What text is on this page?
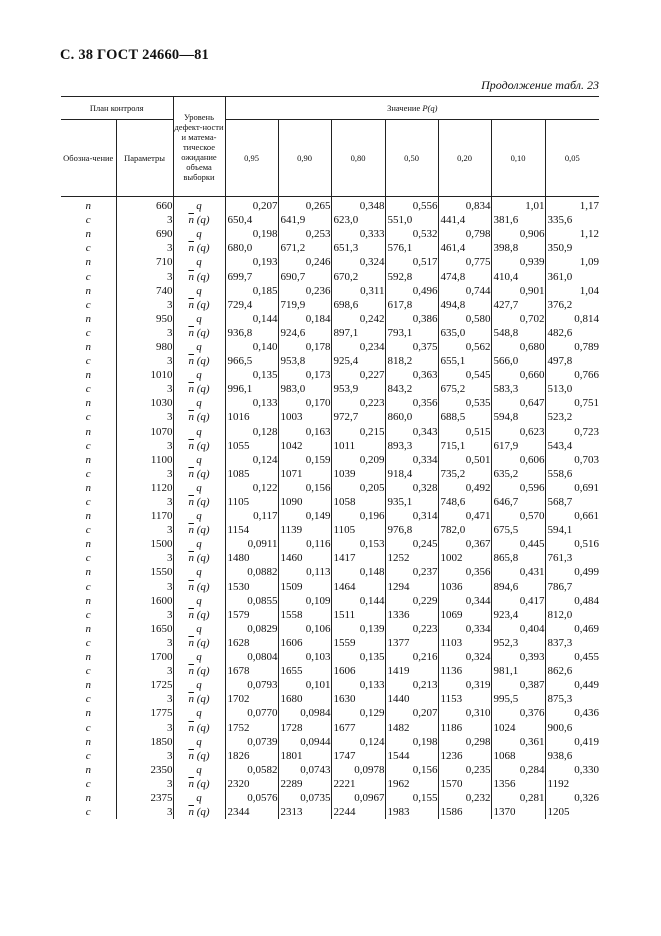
С. 38 ГОСТ 24660—81
Продолжение табл. 23
План контроля		Уровень дефект-ности и матема-тическое ожидание объема выборки	Значение P(q)						
Обозна-чение	Параметры		0,95	0,90	0,80	0,50	0,20	0,10	0,05
n	660	q	0,207	0,265	0,348	0,556	0,834	1,01	1,17
c	3	$\overline{n}$ (q)	650,4	641,9	623,0	551,0	441,4	381,6	335,6
n	690	q	0,198	0,253	0,333	0,532	0,798	0,906	1,12
c	3	$\overline{n}$ (q)	680,0	671,2	651,3	576,1	461,4	398,8	350,9
n	710	q	0,193	0,246	0,324	0,517	0,775	0,939	1,09
c	3	$\overline{n}$ (q)	699,7	690,7	670,2	592,8	474,8	410,4	361,0
n	740	q	0,185	0,236	0,311	0,496	0,744	0,901	1,04
c	3	$\overline{n}$ (q)	729,4	719,9	698,6	617,8	494,8	427,7	376,2
n	950	q	0,144	0,184	0,242	0,386	0,580	0,702	0,814
c	3	$\overline{n}$ (q)	936,8	924,6	897,1	793,1	635,0	548,8	482,6
n	980	q	0,140	0,178	0,234	0,375	0,562	0,680	0,789
c	3	$\overline{n}$ (q)	966,5	953,8	925,4	818,2	655,1	566,0	497,8
n	1010	q	0,135	0,173	0,227	0,363	0,545	0,660	0,766
c	3	$\overline{n}$ (q)	996,1	983,0	953,9	843,2	675,2	583,3	513,0
n	1030	q	0,133	0,170	0,223	0,356	0,535	0,647	0,751
c	3	$\overline{n}$ (q)	1016	1003	972,7	860,0	688,5	594,8	523,2
n	1070	q	0,128	0,163	0,215	0,343	0,515	0,623	0,723
c	3	$\overline{n}$ (q)	1055	1042	1011	893,3	715,1	617,9	543,4
n	1100	q	0,124	0,159	0,209	0,334	0,501	0,606	0,703
c	3	$\overline{n}$ (q)	1085	1071	1039	918,4	735,2	635,2	558,6
n	1120	q	0,122	0,156	0,205	0,328	0,492	0,596	0,691
c	3	$\overline{n}$ (q)	1105	1090	1058	935,1	748,6	646,7	568,7
n	1170	q	0,117	0,149	0,196	0,314	0,471	0,570	0,661
c	3	$\overline{n}$ (q)	1154	1139	1105	976,8	782,0	675,5	594,1
n	1500	q	0,0911	0,116	0,153	0,245	0,367	0,445	0,516
c	3	$\overline{n}$ (q)	1480	1460	1417	1252	1002	865,8	761,3
n	1550	q	0,0882	0,113	0,148	0,237	0,356	0,431	0,499
c	3	$\overline{n}$ (q)	1530	1509	1464	1294	1036	894,6	786,7
n	1600	q	0,0855	0,109	0,144	0,229	0,344	0,417	0,484
c	3	$\overline{n}$ (q)	1579	1558	1511	1336	1069	923,4	812,0
n	1650	q	0,0829	0,106	0,139	0,223	0,334	0,404	0,469
c	3	$\overline{n}$ (q)	1628	1606	1559	1377	1103	952,3	837,3
n	1700	q	0,0804	0,103	0,135	0,216	0,324	0,393	0,455
c	3	$\overline{n}$ (q)	1678	1655	1606	1419	1136	981,1	862,6
n	1725	q	0,0793	0,101	0,133	0,213	0,319	0,387	0,449
c	3	$\overline{n}$ (q)	1702	1680	1630	1440	1153	995,5	875,3
n	1775	q	0,0770	0,0984	0,129	0,207	0,310	0,376	0,436
c	3	$\overline{n}$ (q)	1752	1728	1677	1482	1186	1024	900,6
n	1850	q	0,0739	0,0944	0,124	0,198	0,298	0,361	0,419
c	3	$\overline{n}$ (q)	1826	1801	1747	1544	1236	1068	938,6
n	2350	q	0,0582	0,0743	0,0978	0,156	0,235	0,284	0,330
c	3	$\overline{n}$ (q)	2320	2289	2221	1962	1570	1356	1192
n	2375	q	0,0576	0,0735	0,0967	0,155	0,232	0,281	0,326
c	3	$\overline{n}$ (q)	2344	2313	2244	1983	1586	1370	1205
